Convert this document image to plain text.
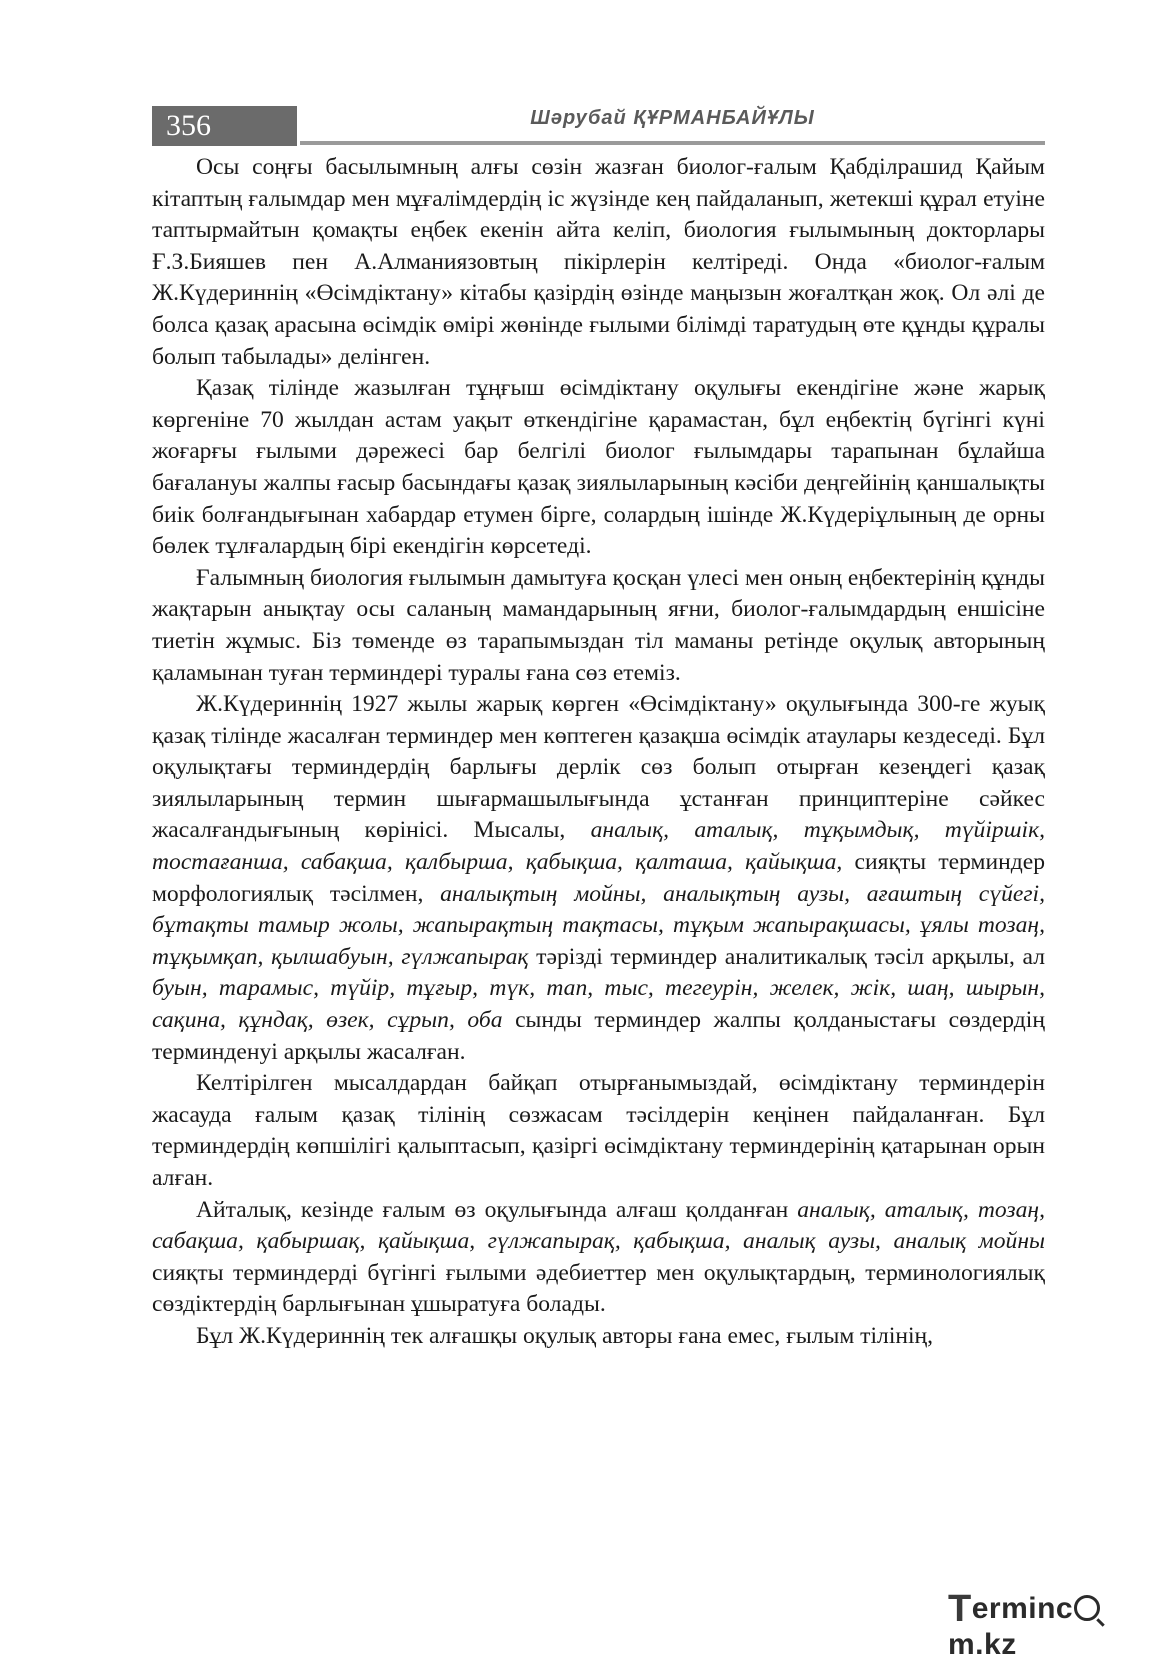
356	Шәрубай ҚҰРМАНБАЙҰЛЫ

Осы соңғы басылымның алғы сөзін жазған биолог-ғалым Қабділрашид Қайым кітаптың ғалымдар мен мұғалімдердің іс жүзінде кең пайдаланып, жетекші құрал етуіне таптырмайтын қомақты еңбек екенін айта келіп, биология ғылымының докторлары Ғ.З.Бияшев пен А.Алманиязовтың пікірлерін келтіреді. Онда «биолог-ғалым Ж.Күдериннің «Өсімдіктану» кітабы қазірдің өзінде маңызын жоғалтқан жоқ. Ол әлі де болса қазақ арасына өсімдік өмірі жөнінде ғылыми білімді таратудың өте құнды құралы болып табылады» делінген.

Қазақ тілінде жазылған тұңғыш өсімдіктану оқулығы екендігіне және жарық көргеніне 70 жылдан астам уақыт өткендігіне қарамастан, бұл еңбектің бүгінгі күні жоғарғы ғылыми дәрежесі бар белгілі биолог ғылымдары тарапынан бұлайша бағалануы жалпы ғасыр басындағы қазақ зиялыларының кәсіби деңгейінің қаншалықты биік болғандығынан хабардар етумен бірге, солардың ішінде Ж.Күдеріұлының де орны бөлек тұлғалардың бірі екендігін көрсетеді.

Ғалымның биология ғылымын дамытуға қосқан үлесі мен оның еңбектерінің құнды жақтарын анықтау осы саланың мамандарының яғни, биолог-ғалымдардың еншісіне тиетін жұмыс. Біз төменде өз тарапымыздан тіл маманы ретінде оқулық авторының қаламынан туған терминдері туралы ғана сөз етеміз.

Ж.Күдериннің 1927 жылы жарық көрген «Өсімдіктану» оқулығында 300-ге жуық қазақ тілінде жасалған терминдер мен көптеген қазақша өсімдік атаулары кездеседі. Бұл оқулықтағы терминдердің барлығы дерлік сөз болып отырған кезеңдегі қазақ зиялыларының термин шығармашылығында ұстанған принциптеріне сәйкес жасалғандығының көрінісі. Мысалы, аналық, аталық, тұқымдық, түйіршік, тостағанша, сабақша, қалбырша, қабықша, қалташа, қайықша, сияқты терминдер морфологиялық тәсілмен, аналықтың мойны, аналықтың аузы, ағаштың сүйегі, бұтақты тамыр жолы, жапырақтың тақтасы, тұқым жапырақшасы, ұялы тозаң, тұқымқап, қылшабуын, гүлжапырақ тәрізді терминдер аналитикалық тәсіл арқылы, ал буын, тарамыс, түйір, тұғыр, түк, тап, тыс, тегеурін, желек, жік, шаң, шырын, сақина, құндақ, өзек, сұрып, оба сынды терминдер жалпы қолданыстағы сөздердің терминденуі арқылы жасалған.

Келтірілген мысалдардан байқап отырғанымыздай, өсімдіктану терминдерін жасауда ғалым қазақ тілінің сөзжасам тәсілдерін кеңінен пайдаланған. Бұл терминдердің көпшілігі қалыптасып, қазіргі өсімдіктану терминдерінің қатарынан орын алған.

Айталық, кезінде ғалым өз оқулығында алғаш қолданған аналық, аталық, тозаң, сабақша, қабыршақ, қайықша, гүлжапырақ, қабықша, аналық аузы, аналық мойны сияқты терминдерді бүгінгі ғылыми әдебиеттер мен оқулықтардың, терминологиялық сөздіктердің барлығынан ұшыратуға болады.

Бұл Ж.Күдериннің тек алғашқы оқулық авторы ғана емес, ғылым тілінің,

Termincm.kz
